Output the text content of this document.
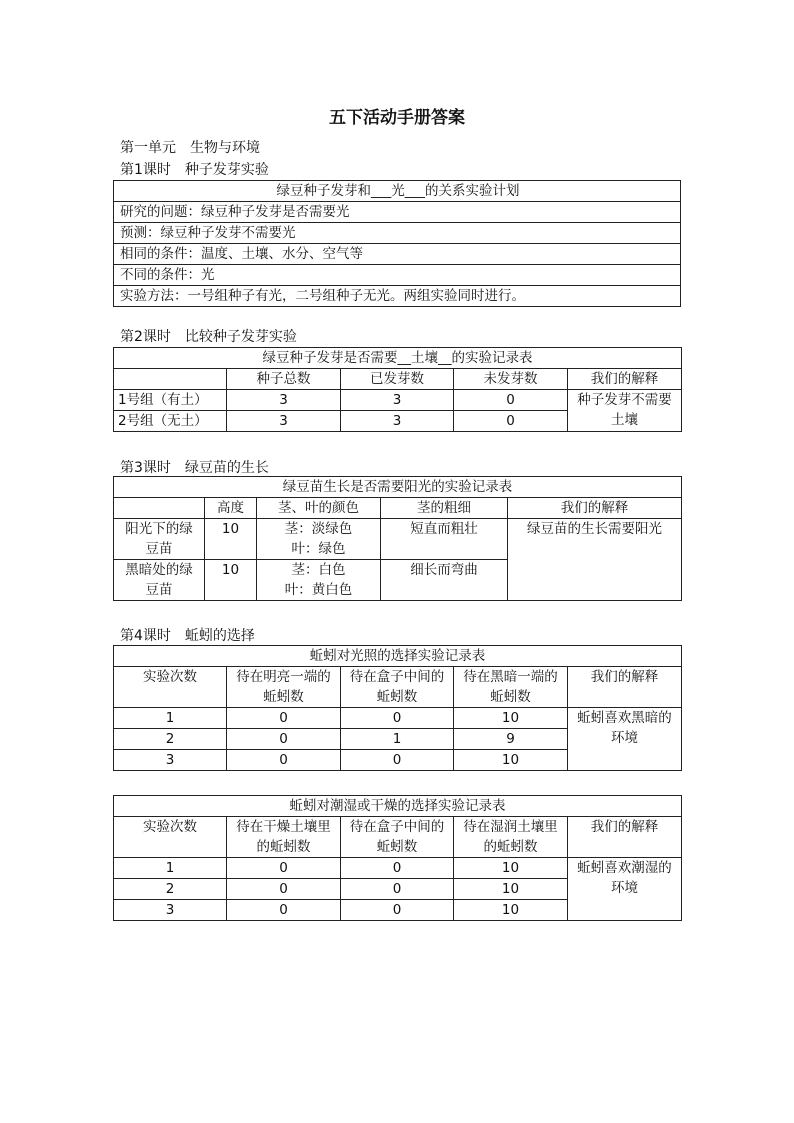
五下活动手册答案
第一单元　生物与环境
第1课时　种子发芽实验
绿豆种子发芽和___光___的关系实验计划
研究的问题：绿豆种子发芽是否需要光
预测：绿豆种子发芽不需要光
相同的条件：温度、土壤、水分、空气等
不同的条件：光
实验方法：一号组种子有光，二号组种子无光。两组实验同时进行。
第2课时　比较种子发芽实验
绿豆种子发芽是否需要__土壤__的实验记录表				
	种子总数	已发芽数	未发芽数	我们的解释
1号组（有土）	3	3	0	种子发芽不需要土壤
2号组（无土）	3	3	0	
第3课时　绿豆苗的生长
绿豆苗生长是否需要阳光的实验记录表				
	高度	茎、叶的颜色	茎的粗细	我们的解释
阳光下的绿豆苗	10	茎：淡绿色
叶：绿色	短直而粗壮	绿豆苗的生长需要阳光
黑暗处的绿豆苗	10	茎：白色
叶：黄白色	细长而弯曲	
第4课时　蚯蚓的选择
蚯蚓对光照的选择实验记录表				
实验次数	待在明亮一端的蚯蚓数	待在盒子中间的蚯蚓数	待在黑暗一端的蚯蚓数	我们的解释
1	0	0	10	蚯蚓喜欢黑暗的环境
2	0	1	9	
3	0	0	10	
蚯蚓对潮湿或干燥的选择实验记录表				
实验次数	待在干燥土壤里的蚯蚓数	待在盒子中间的蚯蚓数	待在湿润土壤里的蚯蚓数	我们的解释
1	0	0	10	蚯蚓喜欢潮湿的环境
2	0	0	10	
3	0	0	10	
